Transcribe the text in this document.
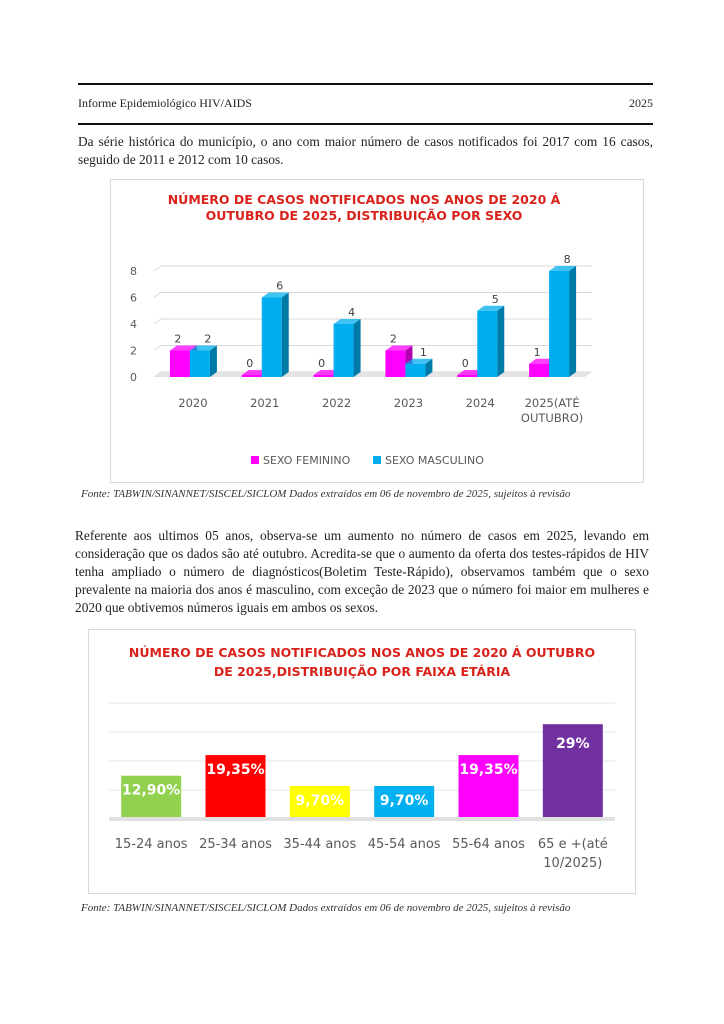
Informe Epidemiológico HIV/AIDS	2025
Da série histórica do município, o ano com maior número de casos notificados foi 2017 com 16 casos, seguido de 2011 e 2012 com 10 casos.
NÚMERO DE CASOS NOTIFICADOS NOS ANOS DE 2020 Á
OUTUBRO DE 2025, DISTRIBUIÇÃO POR SEXO
0
2
4
6
8
2 2
2020
0
6
2021
0
4
2022
2
1
2023
0
5
2024
1
8
2025(ATÉ
OUTUBRO)
SEXO FEMININO	SEXO MASCULINO
Fonte: TABWIN/SINANNET/SISCEL/SICLOM Dados extraídos em 06 de novembro de 2025, sujeitos à revisão
Referente aos ultimos 05 anos, observa-se um aumento no número de casos em 2025, levando em consideração que os dados são até outubro. Acredita-se que o aumento da oferta dos testes-rápidos de HIV tenha ampliado o número de diagnósticos(Boletim Teste-Rápido), observamos também que o sexo prevalente na maioria dos anos é masculino, com exceção de 2023 que o número foi maior em mulheres e 2020 que obtivemos números iguais em ambos os sexos.
NÚMERO DE CASOS NOTIFICADOS NOS ANOS DE 2020 Á OUTUBRO
DE 2025,DISTRIBUIÇÃO POR FAIXA ETÁRIA
12,90%
15-24 anos
19,35%
25-34 anos
9,70%
35-44 anos
9,70%
45-54 anos
19,35%
55-64 anos
29%
65 e +(até
10/2025)
Fonte: TABWIN/SINANNET/SISCEL/SICLOM Dados extraídos em 06 de novembro de 2025, sujeitos à revisão
